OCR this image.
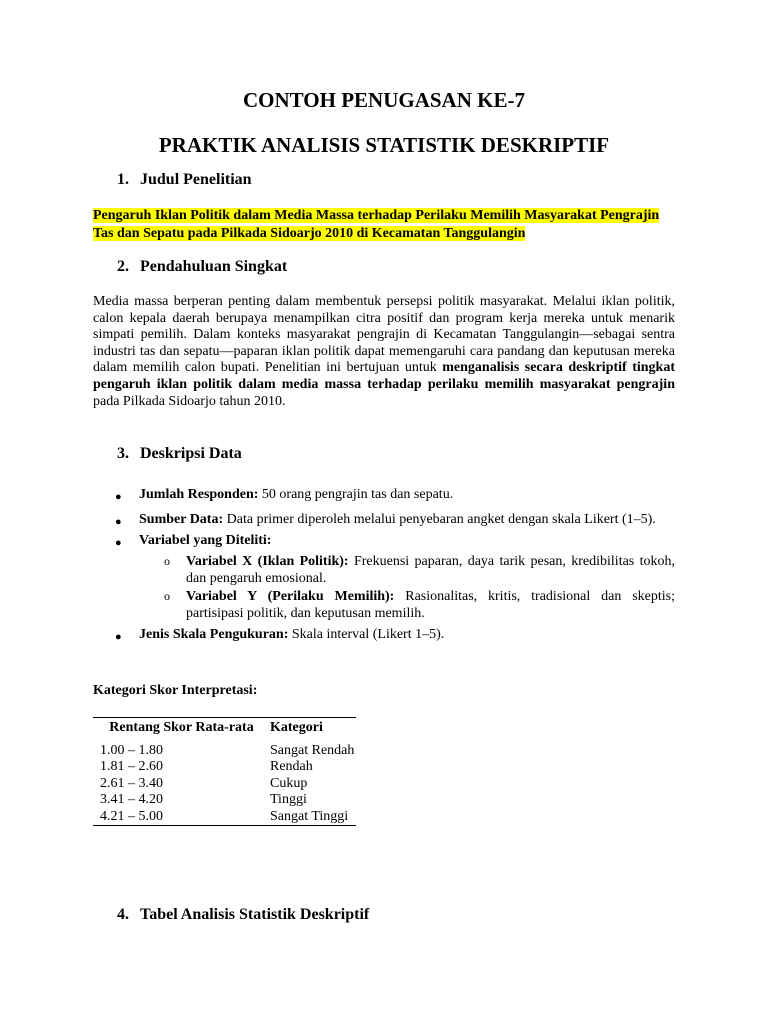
CONTOH PENUGASAN KE-7
PRAKTIK ANALISIS STATISTIK DESKRIPTIF
1. Judul Penelitian

Pengaruh Iklan Politik dalam Media Massa terhadap Perilaku Memilih Masyarakat Pengrajin Tas dan Sepatu pada Pilkada Sidoarjo 2010 di Kecamatan Tanggulangin

2. Pendahuluan Singkat

Media massa berperan penting dalam membentuk persepsi politik masyarakat. Melalui iklan politik, calon kepala daerah berupaya menampilkan citra positif dan program kerja mereka untuk menarik simpati pemilih. Dalam konteks masyarakat pengrajin di Kecamatan Tanggulangin—sebagai sentra industri tas dan sepatu—paparan iklan politik dapat memengaruhi cara pandang dan keputusan mereka dalam memilih calon bupati. Penelitian ini bertujuan untuk menganalisis secara deskriptif tingkat pengaruh iklan politik dalam media massa terhadap perilaku memilih masyarakat pengrajin pada Pilkada Sidoarjo tahun 2010.

3. Deskripsi Data
● Jumlah Responden: 50 orang pengrajin tas dan sepatu.
● Sumber Data: Data primer diperoleh melalui penyebaran angket dengan skala Likert (1–5).
● Variabel yang Diteliti:
o Variabel X (Iklan Politik): Frekuensi paparan, daya tarik pesan, kredibilitas tokoh, dan pengaruh emosional.
o Variabel Y (Perilaku Memilih): Rasionalitas, kritis, tradisional dan skeptis; partisipasi politik, dan keputusan memilih.
● Jenis Skala Pengukuran: Skala interval (Likert 1–5).

Kategori Skor Interpretasi:

Rentang Skor Rata-rata	Kategori
1.00 – 1.80	Sangat Rendah
1.81 – 2.60	Rendah
2.61 – 3.40	Cukup
3.41 – 4.20	Tinggi
4.21 – 5.00	Sangat Tinggi
4. Tabel Analisis Statistik Deskriptif
